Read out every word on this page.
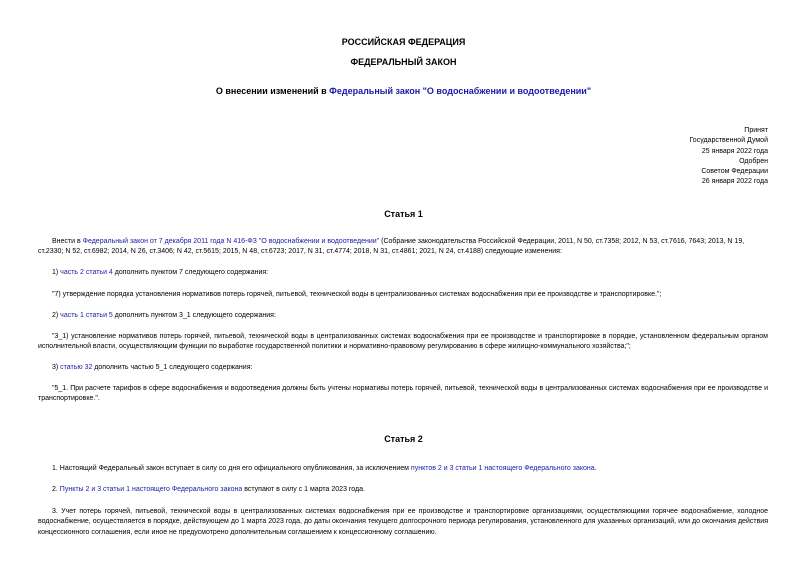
РОССИЙСКАЯ ФЕДЕРАЦИЯ
ФЕДЕРАЛЬНЫЙ ЗАКОН
О внесении изменений в Федеральный закон "О водоснабжении и водоотведении"
Принят
Государственной Думой
25 января 2022 года
Одобрен
Советом Федерации
26 января 2022 года
Статья 1
Внести в Федеральный закон от 7 декабря 2011 года N 416-ФЗ "О водоснабжении и водоотведении" (Собрание законодательства Российской Федерации, 2011, N 50, ст.7358; 2012, N 53, ст.7616, 7643; 2013, N 19, ст.2330; N 52, ст.6982; 2014, N 26, ст.3406; N 42, ст.5615; 2015, N 48, ст.6723; 2017, N 31, ст.4774; 2018, N 31, ст.4861; 2021, N 24, ст.4188) следующие изменения:
1) часть 2 статьи 4 дополнить пунктом 7 следующего содержания:
"7) утверждение порядка установления нормативов потерь горячей, питьевой, технической воды в централизованных системах водоснабжения при ее производстве и транспортировке.";
2) часть 1 статьи 5 дополнить пунктом 3_1 следующего содержания:
"3_1) установление нормативов потерь горячей, питьевой, технической воды в централизованных системах водоснабжения при ее производстве и транспортировке в порядке, установленном федеральным органом исполнительной власти, осуществляющим функции по выработке государственной политики и нормативно-правовому регулированию в сфере жилищно-коммунального хозяйства;";
3) статью 32 дополнить частью 5_1 следующего содержания:
"5_1. При расчете тарифов в сфере водоснабжения и водоотведения должны быть учтены нормативы потерь горячей, питьевой, технической воды в централизованных системах водоснабжения при ее производстве и транспортировке.".
Статья 2
1. Настоящий Федеральный закон вступает в силу со дня его официального опубликования, за исключением пунктов 2 и 3 статьи 1 настоящего Федерального закона.
2. Пункты 2 и 3 статьи 1 настоящего Федерального закона вступают в силу с 1 марта 2023 года.
3. Учет потерь горячей, питьевой, технической воды в централизованных системах водоснабжения при ее производстве и транспортировке организациями, осуществляющими горячее водоснабжение, холодное водоснабжение, осуществляется в порядке, действующем до 1 марта 2023 года, до даты окончания текущего долгосрочного периода регулирования, установленного для указанных организаций, или до окончания действия концессионного соглашения, если иное не предусмотрено дополнительным соглашением к концессионному соглашению.
